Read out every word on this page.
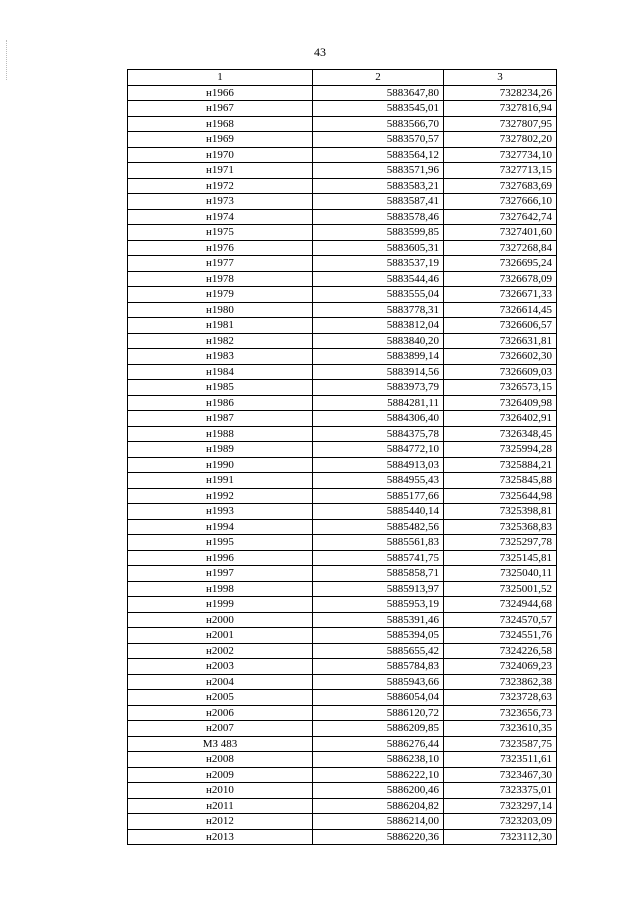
43
1	2	3
н1966	5883647,80	7328234,26
н1967	5883545,01	7327816,94
н1968	5883566,70	7327807,95
н1969	5883570,57	7327802,20
н1970	5883564,12	7327734,10
н1971	5883571,96	7327713,15
н1972	5883583,21	7327683,69
н1973	5883587,41	7327666,10
н1974	5883578,46	7327642,74
н1975	5883599,85	7327401,60
н1976	5883605,31	7327268,84
н1977	5883537,19	7326695,24
н1978	5883544,46	7326678,09
н1979	5883555,04	7326671,33
н1980	5883778,31	7326614,45
н1981	5883812,04	7326606,57
н1982	5883840,20	7326631,81
н1983	5883899,14	7326602,30
н1984	5883914,56	7326609,03
н1985	5883973,79	7326573,15
н1986	5884281,11	7326409,98
н1987	5884306,40	7326402,91
н1988	5884375,78	7326348,45
н1989	5884772,10	7325994,28
н1990	5884913,03	7325884,21
н1991	5884955,43	7325845,88
н1992	5885177,66	7325644,98
н1993	5885440,14	7325398,81
н1994	5885482,56	7325368,83
н1995	5885561,83	7325297,78
н1996	5885741,75	7325145,81
н1997	5885858,71	7325040,11
н1998	5885913,97	7325001,52
н1999	5885953,19	7324944,68
н2000	5885391,46	7324570,57
н2001	5885394,05	7324551,76
н2002	5885655,42	7324226,58
н2003	5885784,83	7324069,23
н2004	5885943,66	7323862,38
н2005	5886054,04	7323728,63
н2006	5886120,72	7323656,73
н2007	5886209,85	7323610,35
МЗ 483	5886276,44	7323587,75
н2008	5886238,10	7323511,61
н2009	5886222,10	7323467,30
н2010	5886200,46	7323375,01
н2011	5886204,82	7323297,14
н2012	5886214,00	7323203,09
н2013	5886220,36	7323112,30
